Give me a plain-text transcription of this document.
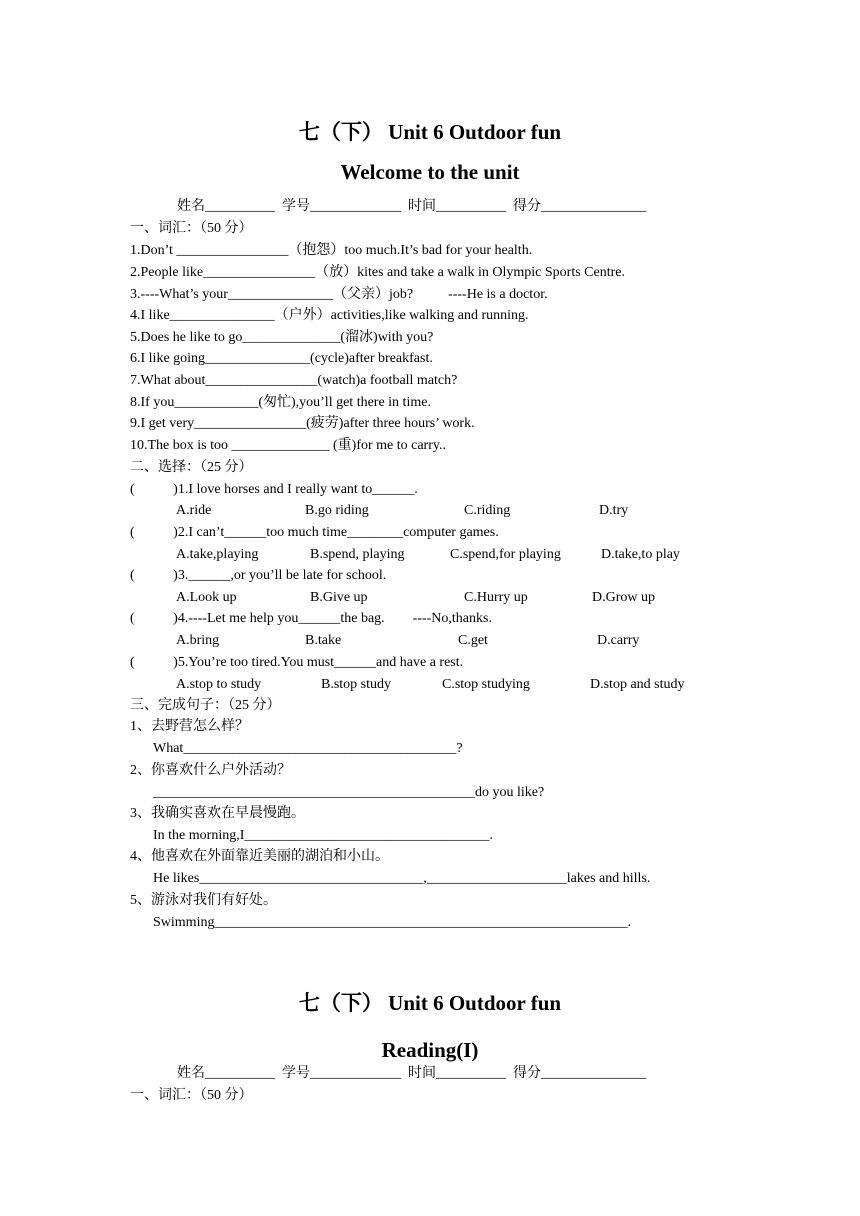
七（下） Unit 6 Outdoor fun
Welcome to the unit
姓名__________  学号_____________  时间__________  得分_______________
一、词汇：（50 分）
1.Don’t ________________（抱怨）too much.It’s bad for your health.
2.People like________________（放）kites and take a walk in Olympic Sports Centre.
3.----What’s your_______________（父亲）job?          ----He is a doctor.
4.I like_______________（户外）activities,like walking and running.
5.Does he like to go______________(溜冰)with you?
6.I like going_______________(cycle)after breakfast.
7.What about________________(watch)a football match?
8.If you____________(匆忙),you’ll get there in time.
9.I get very________________(疲劳)after three hours’ work.
10.The box is too ______________ (重)for me to carry..
二、选择：（25 分）
(           )1.I love horses and I really want to______.
A.ride	B.go riding	C.riding	D.try
(           )2.I can’t______too much time________computer games.
A.take,playing	B.spend, playing	C.spend,for playing	D.take,to play
(           )3.______,or you’ll be late for school.
A.Look up	B.Give up	C.Hurry up	D.Grow up
(           )4.----Let me help you______the bag.        ----No,thanks.
A.bring	B.take	C.get	D.carry
(           )5.You’re too tired.You must______and have a rest.
A.stop to study	B.stop study	C.stop studying	D.stop and study
三、完成句子：（25 分）
1、去野营怎么样？
What_______________________________________?
2、你喜欢什么户外活动？
______________________________________________do you like?
3、我确实喜欢在早晨慢跑。
In the morning,I___________________________________.
4、他喜欢在外面靠近美丽的湖泊和小山。
He likes________________________________,____________________lakes and hills.
5、游泳对我们有好处。
Swimming___________________________________________________________.
七（下） Unit 6 Outdoor fun
Reading(I)
姓名__________  学号_____________  时间__________  得分_______________
一、词汇：（50 分）
